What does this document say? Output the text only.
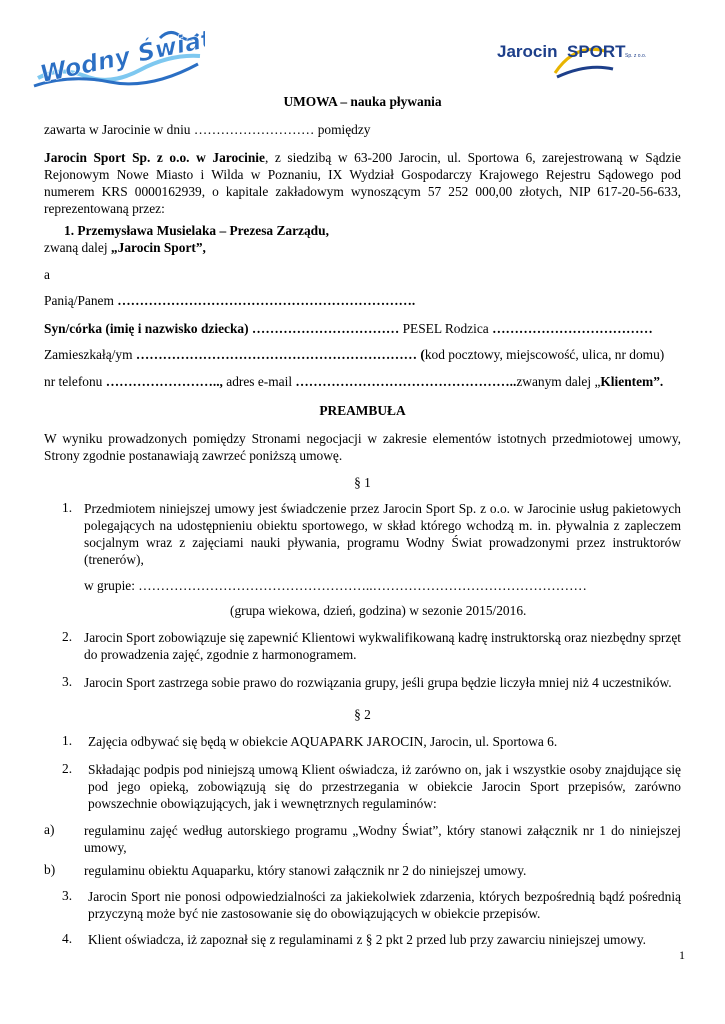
Wodny Świat	Jarocin SPORT Sp. z o.o.
UMOWA – nauka pływania
zawarta w Jarocinie w dniu ……………………… pomiędzy
Jarocin Sport Sp. z o.o. w Jarocinie, z siedzibą w 63-200 Jarocin, ul. Sportowa 6, zarejestrowaną w Sądzie
Rejonowym Nowe Miasto i Wilda w Poznaniu, IX Wydział Gospodarczy Krajowego Rejestru Sądowego pod
numerem KRS 0000162939, o kapitale zakładowym wynoszącym 57 252 000,00 złotych, NIP 617-20-56-633,
reprezentowaną przez:
1. Przemysława Musielaka – Prezesa Zarządu,
zwaną dalej „Jarocin Sport”,
a
Panią/Panem ………………………………………………………….
Syn/córka (imię i nazwisko dziecka) …………………………… PESEL Rodzica ………………………………
Zamieszkałą/ym ……………………………………………………… (kod pocztowy, miejscowość, ulica, nr domu)
nr telefonu …………………….., adres e-mail …………………………………………..zwanym dalej „Klientem”.
PREAMBUŁA
W wyniku prowadzonych pomiędzy Stronami negocjacji w zakresie elementów istotnych przedmiotowej umowy,
Strony zgodnie postanawiają zawrzeć poniższą umowę.
§ 1
1. Przedmiotem niniejszej umowy jest świadczenie przez Jarocin Sport Sp. z o.o. w Jarocinie usług pakietowych
polegających na udostępnieniu obiektu sportowego, w skład którego wchodzą m. in. pływalnia z zapleczem
socjalnym wraz z zajęciami nauki pływania, programu Wodny Świat prowadzonymi przez instruktorów
(trenerów),
w grupie: ……………………………………………..…………………………………………
(grupa wiekowa, dzień, godzina) w sezonie 2015/2016.
2. Jarocin Sport zobowiązuje się zapewnić Klientowi wykwalifikowaną kadrę instruktorską oraz niezbędny sprzęt
do prowadzenia zajęć, zgodnie z harmonogramem.
3. Jarocin Sport zastrzega sobie prawo do rozwiązania grupy, jeśli grupa będzie liczyła mniej niż 4 uczestników.
§ 2
1. Zajęcia odbywać się będą w obiekcie AQUAPARK JAROCIN, Jarocin, ul. Sportowa 6.
2. Składając podpis pod niniejszą umową Klient oświadcza, iż zarówno on, jak i wszystkie osoby znajdujące się
pod jego opieką, zobowiązują się do przestrzegania w obiekcie Jarocin Sport przepisów, zarówno
powszechnie obowiązujących, jak i wewnętrznych regulaminów:
a) regulaminu zajęć według autorskiego programu „Wodny Świat”, który stanowi załącznik nr 1 do niniejszej
umowy,
b) regulaminu obiektu Aquaparku, który stanowi załącznik nr 2 do niniejszej umowy.
3. Jarocin Sport nie ponosi odpowiedzialności za jakiekolwiek zdarzenia, których bezpośrednią bądź pośrednią
przyczyną może być nie zastosowanie się do obowiązujących w obiekcie przepisów.
4. Klient oświadcza, iż zapoznał się z regulaminami z § 2 pkt 2 przed lub przy zawarciu niniejszej umowy.
1
